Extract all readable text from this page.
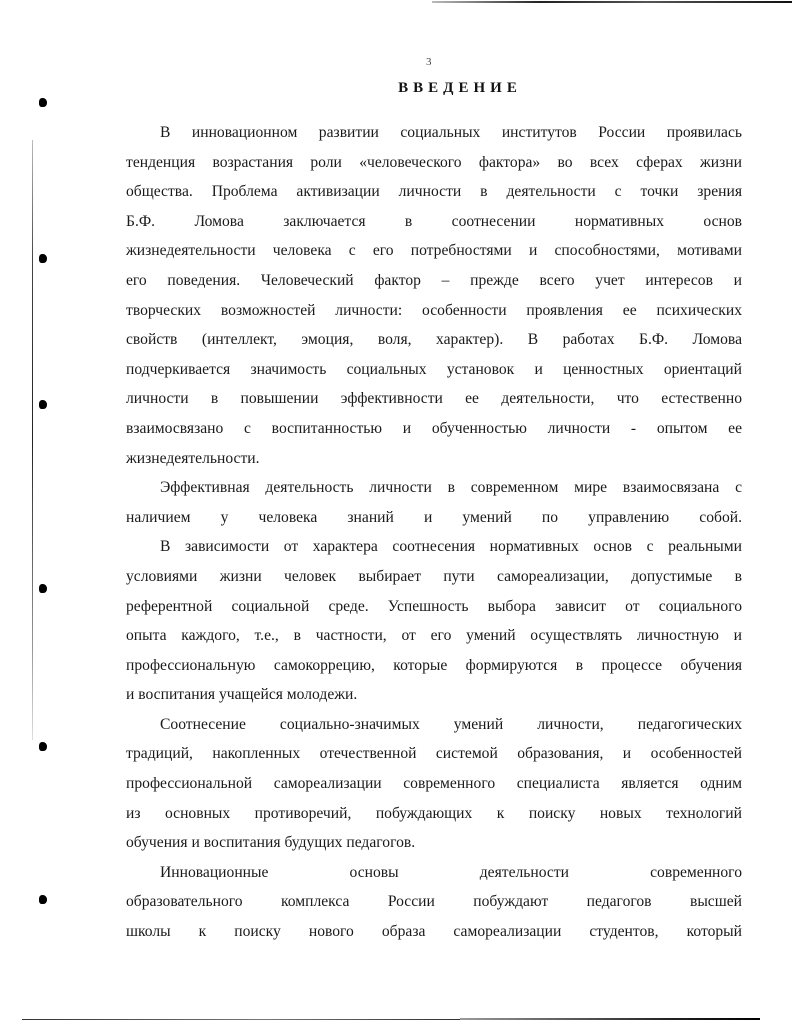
3
ВВЕДЕНИЕ
В инновационном развитии социальных институтов России проявилась
тенденция возрастания роли «человеческого фактора» во всех сферах жизни
общества. Проблема активизации личности в деятельности с точки зрения
Б.Ф. Ломова заключается в соотнесении нормативных основ
жизнедеятельности человека с его потребностями и способностями, мотивами
его поведения. Человеческий фактор – прежде всего учет интересов и
творческих возможностей личности: особенности проявления ее психических
свойств (интеллект, эмоция, воля, характер). В работах Б.Ф. Ломова
подчеркивается значимость социальных установок и ценностных ориентаций
личности в повышении эффективности ее деятельности, что естественно
взаимосвязано с воспитанностью и обученностью личности - опытом ее
жизнедеятельности.
Эффективная деятельность личности в современном мире взаимосвязана с
наличием у человека знаний и умений по управлению собой.
В зависимости от характера соотнесения нормативных основ с реальными
условиями жизни человек выбирает пути самореализации, допустимые в
референтной социальной среде. Успешность выбора зависит от социального
опыта каждого, т.е., в частности, от его умений осуществлять личностную и
профессиональную самокоррецию, которые формируются в процессе обучения
и воспитания учащейся молодежи.
Соотнесение социально-значимых умений личности, педагогических
традиций, накопленных отечественной системой образования, и особенностей
профессиональной самореализации современного специалиста является одним
из основных противоречий, побуждающих к поиску новых технологий
обучения и воспитания будущих педагогов.
Инновационные основы деятельности современного
образовательного комплекса России побуждают педагогов высшей
школы к поиску нового образа самореализации студентов, который
